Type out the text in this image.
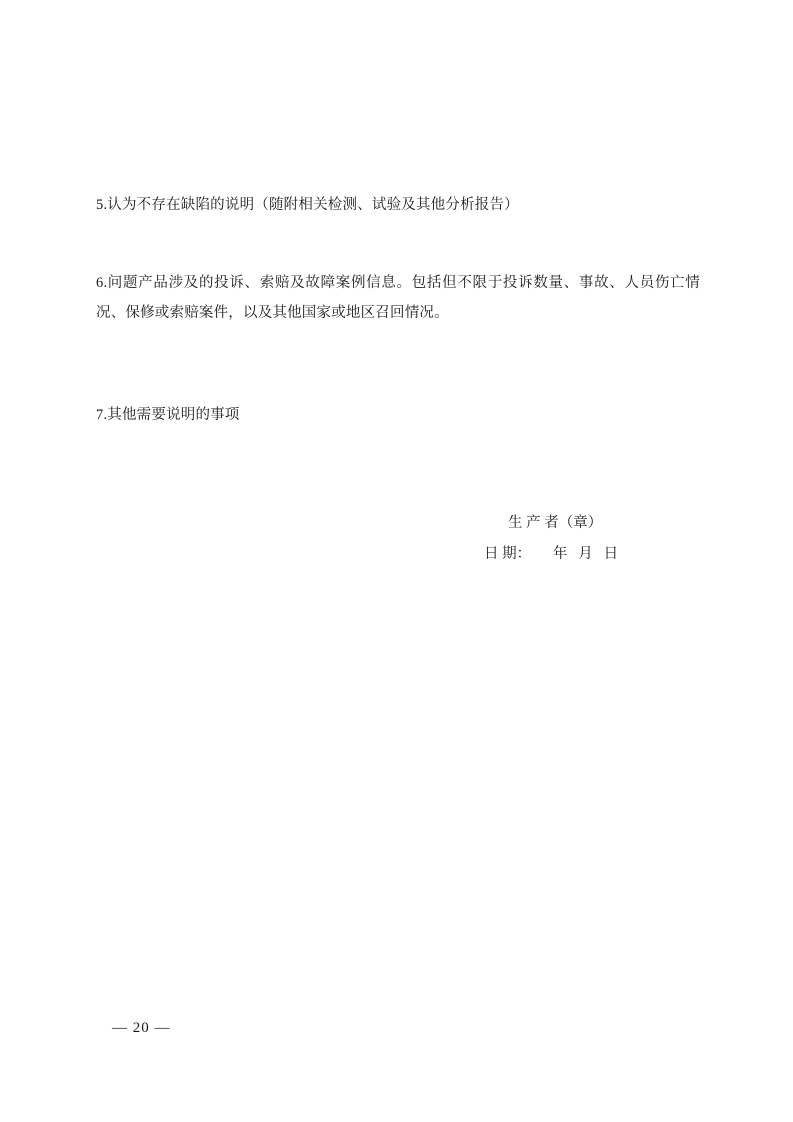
5.认为不存在缺陷的说明（随附相关检测、试验及其他分析报告）
6.问题产品涉及的投诉、索赔及故障案例信息。包括但不限于投诉数量、事故、人员伤亡情况、保修或索赔案件，以及其他国家或地区召回情况。
7.其他需要说明的事项
生 产 者（章）
日 期：      年   月   日
— 20 —
